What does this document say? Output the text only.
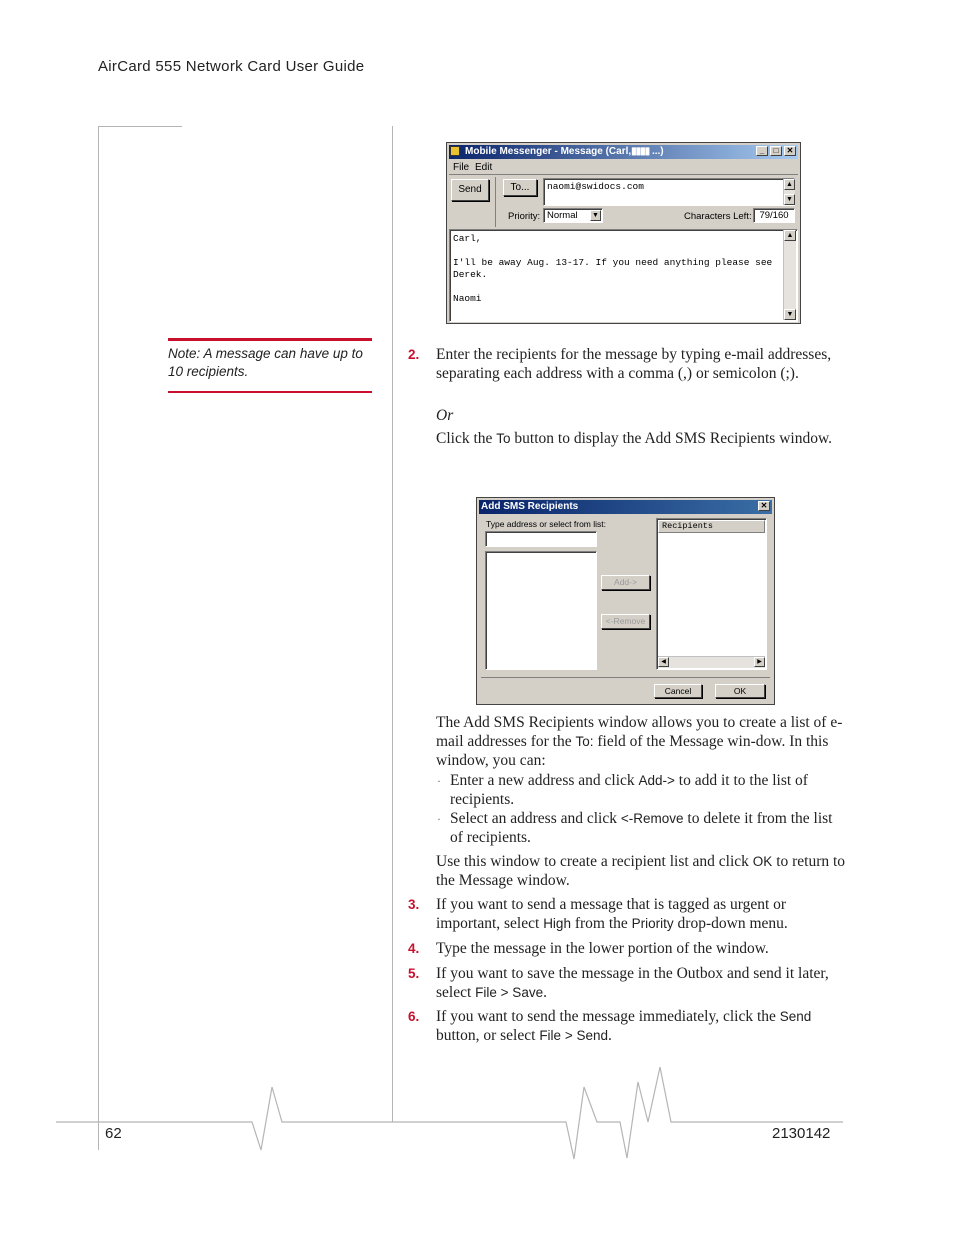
AirCard 555 Network Card User Guide
Mobile Messenger - Message (Carl,▮▮▮▮ ...)	_	□	✕
File Edit
Send	To...	naomi@swidocs.com
Priority: Normal ▼	Characters Left: 79/160
Carl,
I'll be away Aug. 13-17. If you need anything please see
Derek.
Naomi
▲
▼
▲
▼
Note: A message can have up to 10 recipients.
2. Enter the recipients for the message by typing e-mail addresses, separating each address with a comma (,) or semicolon (;).
Or
Click the To button to display the Add SMS Recipients window.
Add SMS Recipients	✕
Type address or select from list:
Add->
<-Remove
Recipients
◀	▶
Cancel	OK
The Add SMS Recipients window allows you to create a list of e-mail addresses for the To: field of the Message win-dow. In this window, you can:
· Enter a new address and click Add-> to add it to the list of recipients.
· Select an address and click <-Remove to delete it from the list of recipients.
Use this window to create a recipient list and click OK to return to the Message window.
3. If you want to send a message that is tagged as urgent or important, select High from the Priority drop-down menu.
4. Type the message in the lower portion of the window.
5. If you want to save the message in the Outbox and send it later, select File > Save.
6. If you want to send the message immediately, click the Send button, or select File > Send.
62	2130142
